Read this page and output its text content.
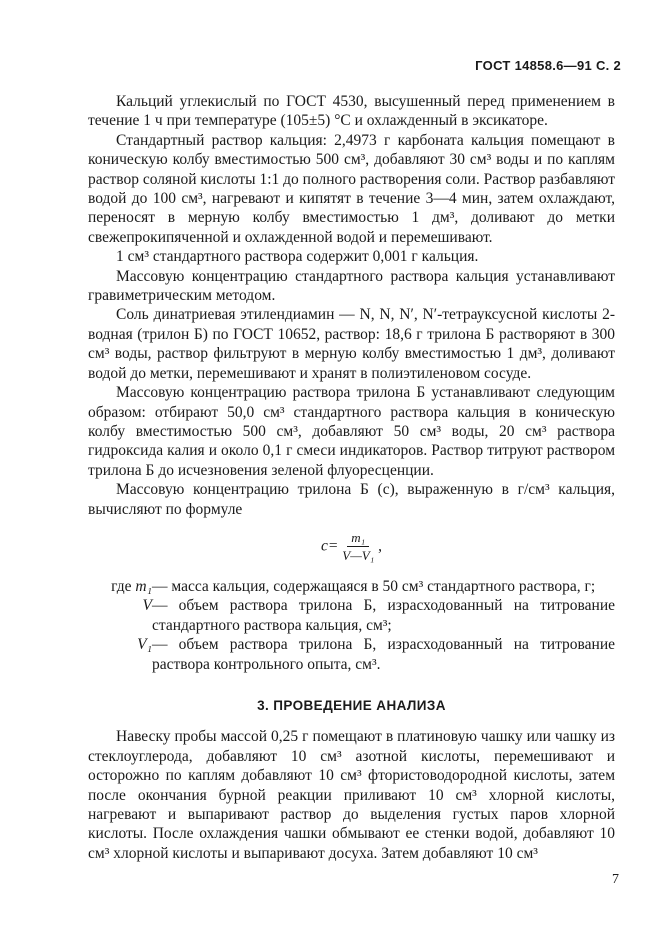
ГОСТ 14858.6—91 С. 2

Кальций углекислый по ГОСТ 4530, высушенный перед применением в течение 1 ч при температуре (105±5) °C и охлажденный в эксикаторе.

Стандартный раствор кальция: 2,4973 г карбоната кальция помещают в коническую колбу вместимостью 500 см³, добавляют 30 см³ воды и по каплям раствор соляной кислоты 1:1 до полного растворения соли. Раствор разбавляют водой до 100 см³, нагревают и кипятят в течение 3—4 мин, затем охлаждают, переносят в мерную колбу вместимостью 1 дм³, доливают до метки свежепрокипяченной и охлажденной водой и перемешивают.

1 см³ стандартного раствора содержит 0,001 г кальция.

Массовую концентрацию стандартного раствора кальция устанавливают гравиметрическим методом.

Соль динатриевая этилендиамин — N, N, N′, N′-тетрауксусной кислоты 2-водная (трилон Б) по ГОСТ 10652, раствор: 18,6 г трилона Б растворяют в 300 см³ воды, раствор фильтруют в мерную колбу вместимостью 1 дм³, доливают водой до метки, перемешивают и хранят в полиэтиленовом сосуде.

Массовую концентрацию раствора трилона Б устанавливают следующим образом: отбирают 50,0 см³ стандартного раствора кальция в коническую колбу вместимостью 500 см³, добавляют 50 см³ воды, 20 см³ раствора гидроксида калия и около 0,1 г смеси индикаторов. Раствор титруют раствором трилона Б до исчезновения зеленой флуоресценции.

Массовую концентрацию трилона Б (c), выраженную в г/см³ кальция, вычисляют по формуле

$c= \frac{\text{m₁}}{\text{V—V₁}}$ ,
где m₁ — масса кальция, содержащаяся в 50 см³ стандартного раствора, г;
V — объем раствора трилона Б, израсходованный на титрование стандартного раствора кальция, см³;
V₁ — объем раствора трилона Б, израсходованный на титрование раствора контрольного опыта, см³.
3. ПРОВЕДЕНИЕ АНАЛИЗА

Навеску пробы массой 0,25 г помещают в платиновую чашку или чашку из стеклоуглерода, добавляют 10 см³ азотной кислоты, перемешивают и осторожно по каплям добавляют 10 см³ фтористоводородной кислоты, затем после окончания бурной реакции приливают 10 см³ хлорной кислоты, нагревают и выпаривают раствор до выделения густых паров хлорной кислоты. После охлаждения чашки обмывают ее стенки водой, добавляют 10 см³ хлорной кислоты и выпаривают досуха. Затем добавляют 10 см³

7
